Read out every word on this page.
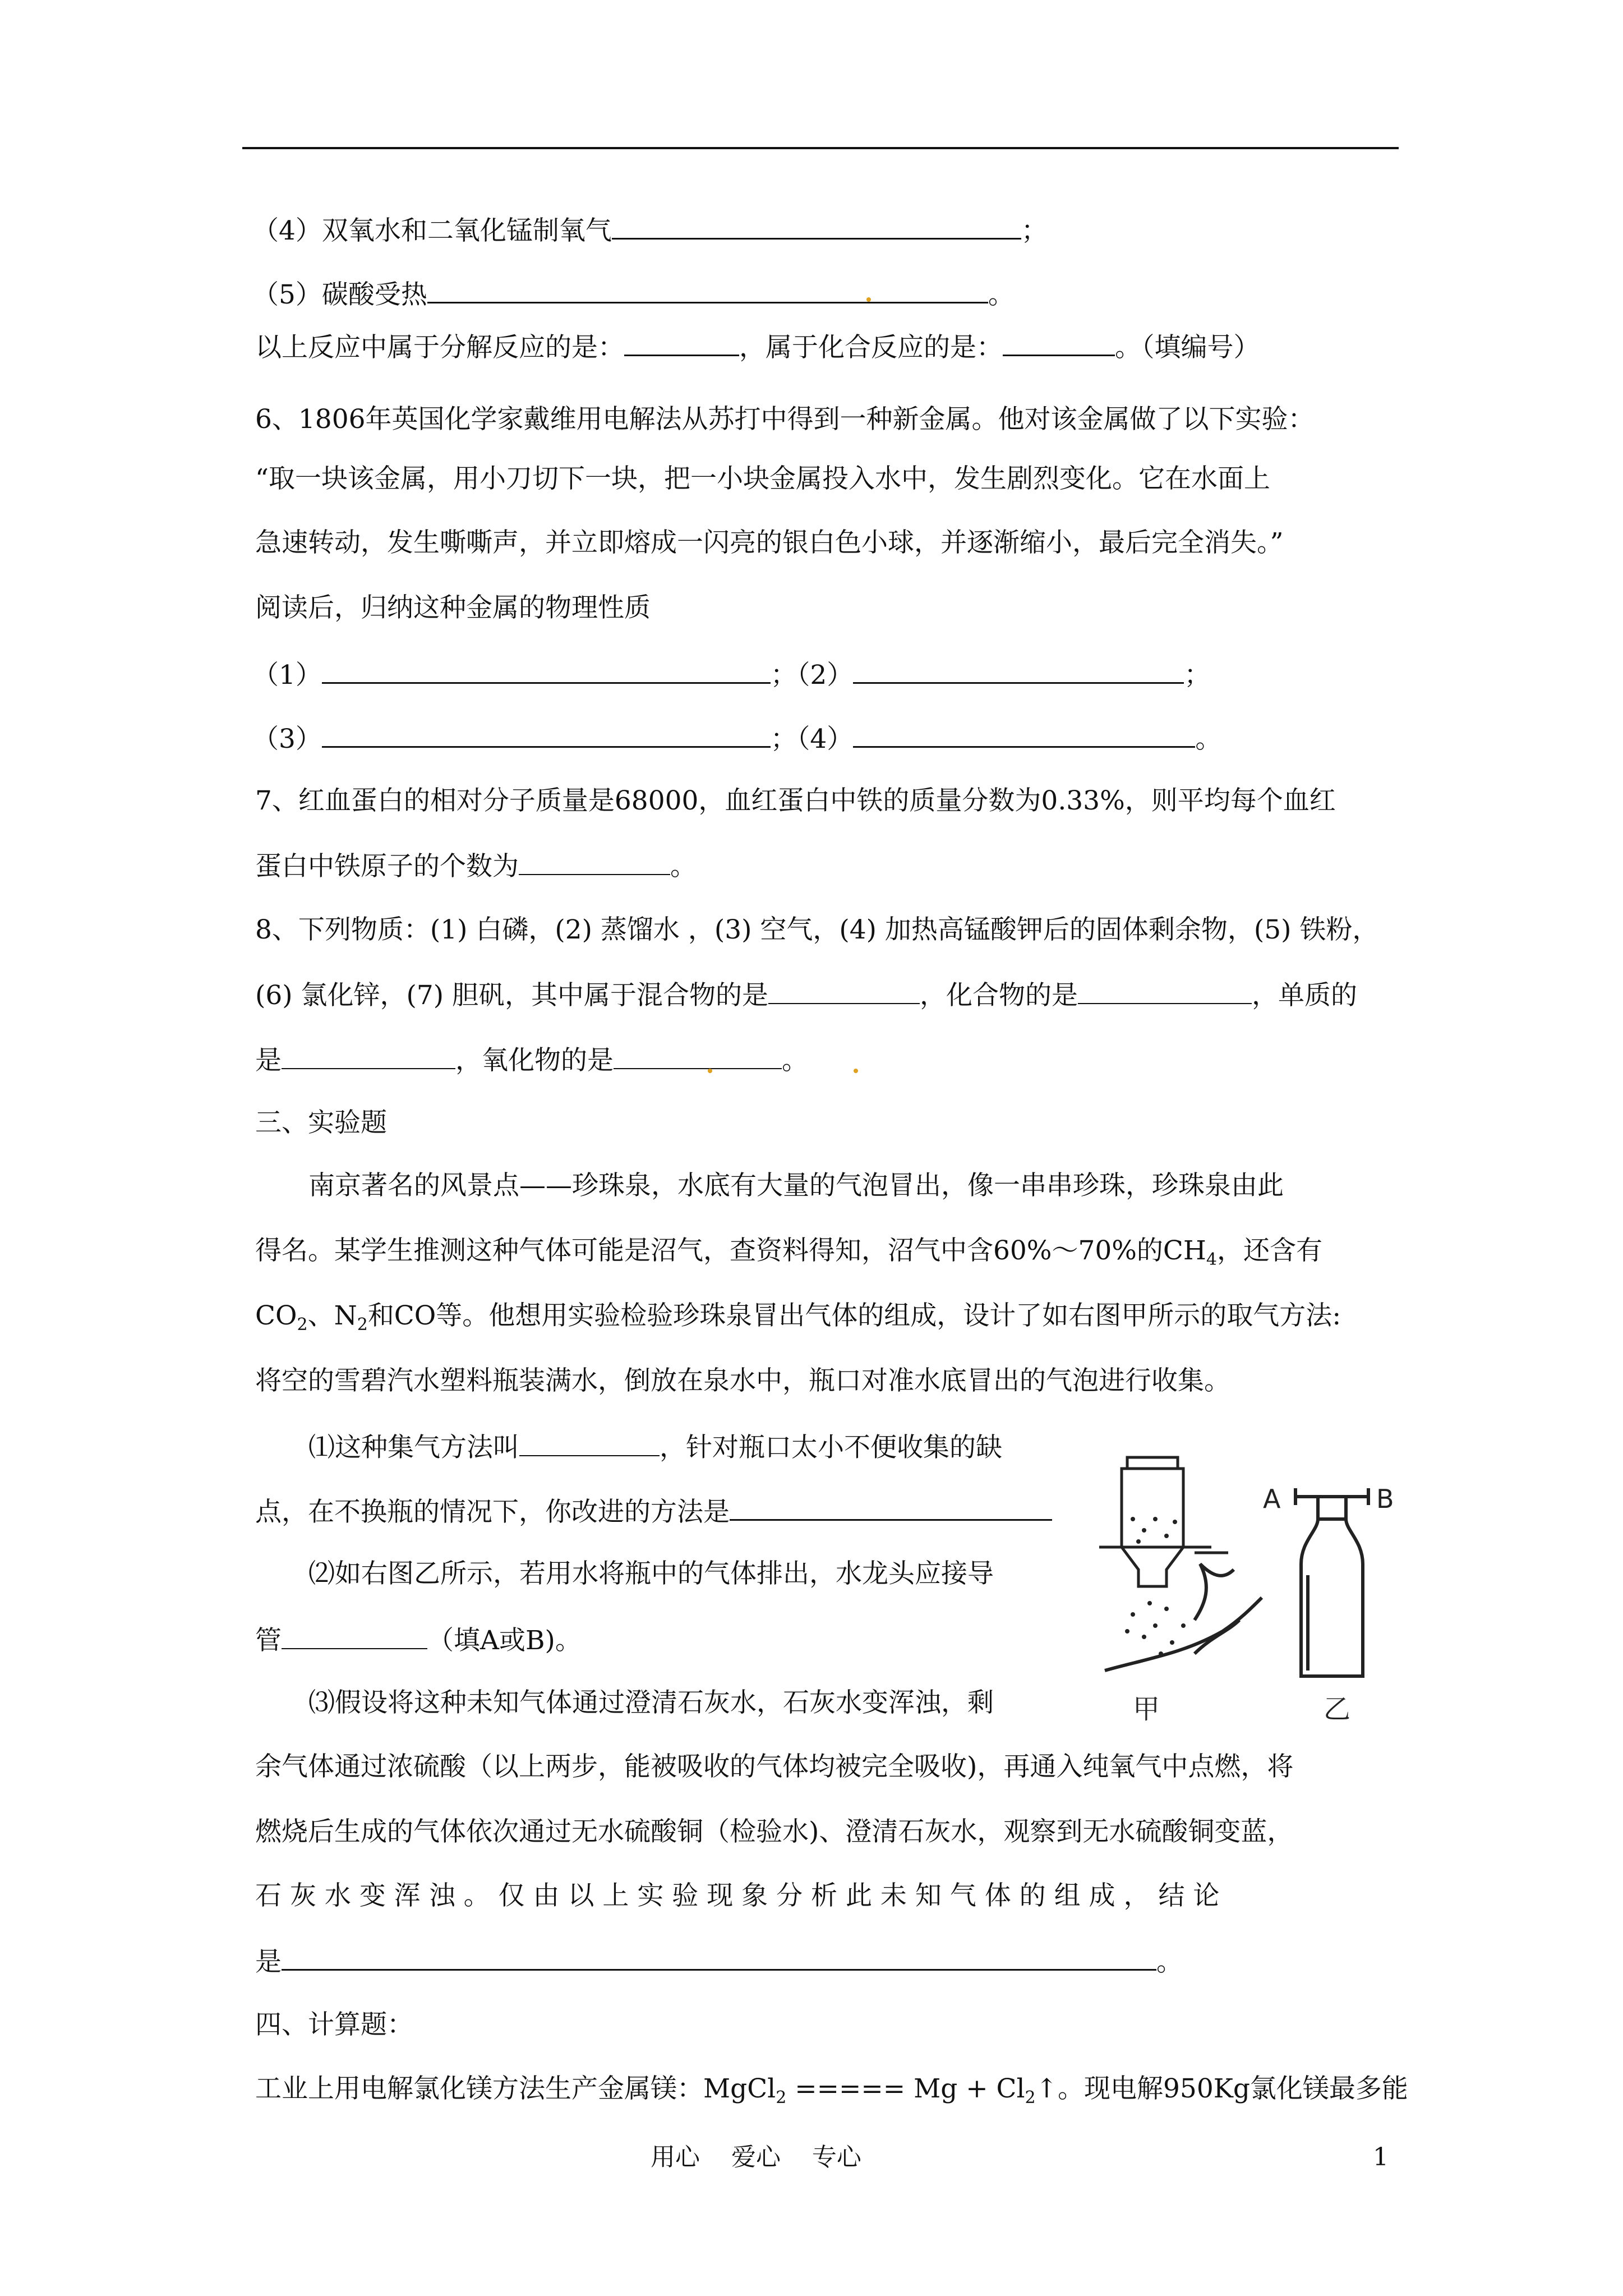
（4）双氧水和二氧化锰制氧气	；
（5）碳酸受热	。
以上反应中属于分解反应的是：	，属于化合反应的是：	。（填编号）
6、1806年英国化学家戴维用电解法从苏打中得到一种新金属。他对该金属做了以下实验：
“取一块该金属，用小刀切下一块，把一小块金属投入水中，发生剧烈变化。它在水面上
急速转动，发生嘶嘶声，并立即熔成一闪亮的银白色小球，并逐渐缩小，最后完全消失。”
阅读后，归纳这种金属的物理性质
（1）	；（2）	；
（3）	；（4）	。
7、红血蛋白的相对分子质量是68000，血红蛋白中铁的质量分数为0.33%，则平均每个血红
蛋白中铁原子的个数为	。
8、下列物质：(1) 白磷，(2) 蒸馏水 ，(3) 空气，(4) 加热高锰酸钾后的固体剩余物，(5) 铁粉，
(6) 氯化锌，(7) 胆矾，其中属于混合物的是	，化合物的是	，单质的
是	，氧化物的是	。
三、实验题
南京著名的风景点——珍珠泉，水底有大量的气泡冒出，像一串串珍珠，珍珠泉由此
得名。某学生推测这种气体可能是沼气，查资料得知，沼气中含60%～70%的$CH_4$，还含有
$CO_2$、$N_2$和CO等。他想用实验检验珍珠泉冒出气体的组成，设计了如右图甲所示的取气方法:
将空的雪碧汽水塑料瓶装满水，倒放在泉水中，瓶口对准水底冒出的气泡进行收集。
⑴这种集气方法叫	，针对瓶口太小不便收集的缺
点，在不换瓶的情况下，你改进的方法是
⑵如右图乙所示，若用水将瓶中的气体排出，水龙头应接导
管	（填A或B)。
⑶假设将这种未知气体通过澄清石灰水，石灰水变浑浊，剩
余气体通过浓硫酸（以上两步，能被吸收的气体均被完全吸收)，再通入纯氧气中点燃，将
燃烧后生成的气体依次通过无水硫酸铜（检验水)、澄清石灰水，观察到无水硫酸铜变蓝，
石 灰 水 变 浑 浊 。 仅 由 以 上 实 验 现 象 分 析 此 未 知 气 体 的 组 成 ， 结 论
是	。
甲
A	B
乙
四、计算题：
工业上用电解氯化镁方法生产金属镁：MgCl$_2$ ===== $Mg + Cl_2↑$。现电解950Kg氯化镁最多能
用心    爱心    专心	1
